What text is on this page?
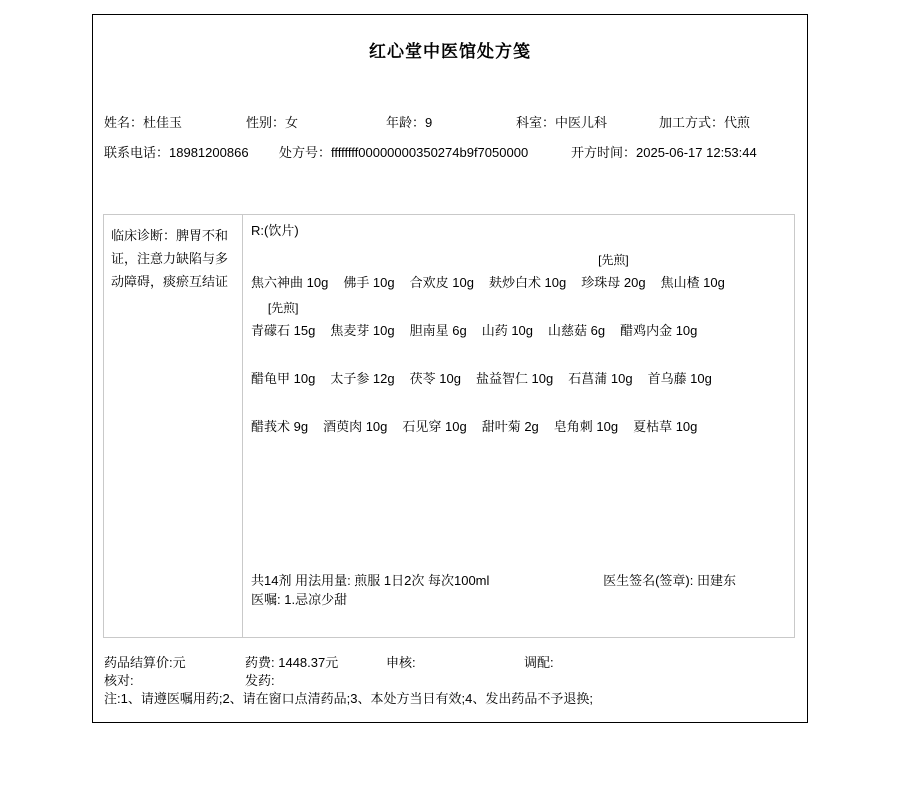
红心堂中医馆处方笺
姓名：杜佳玉	性别：女	年龄：9	科室：中医儿科	加工方式：代煎
联系电话：18981200866 处方号：ffffffff00000000350274b9f7050000	开方时间：2025-06-17 12:53:44
临床诊断：脾胃不和证，注意力缺陷与多动障碍，痰瘀互结证
R:(饮片)
焦六神曲 10g 佛手 10g 合欢皮 10g 麸炒白术 10g
[先煎]
珍珠母 20g 焦山楂 10g
[先煎]
青礞石 15g 焦麦芽 10g 胆南星 6g 山药 10g 山慈菇 6g 醋鸡内金 10g
醋龟甲 10g 太子参 12g 茯苓 10g 盐益智仁 10g 石菖蒲 10g 首乌藤 10g
醋莪术 9g 酒萸肉 10g 石见穿 10g 甜叶菊 2g 皂角刺 10g 夏枯草 10g
共14剂 用法用量: 煎服 1日2次 每次100ml	医生签名(签章): 田建东
医嘱: 1.忌凉少甜
药品结算价:元	药费: 1448.37元	申核:	调配:
核对:	发药:
注:1、请遵医嘱用药;2、请在窗口点清药品;3、本处方当日有效;4、发出药品不予退换;
